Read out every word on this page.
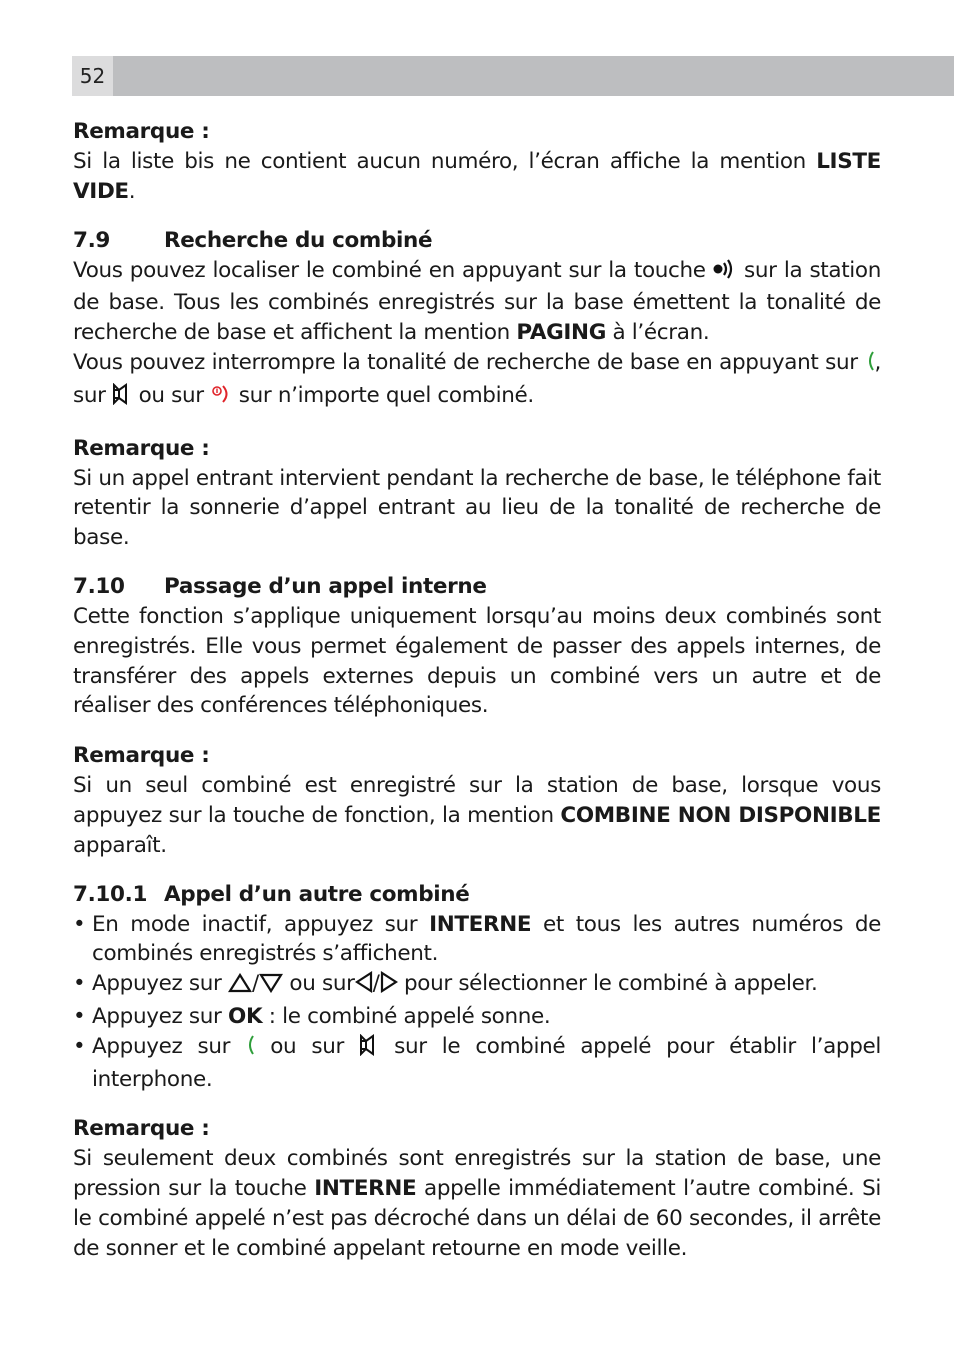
52
Remarque :

Si la liste bis ne contient aucun numéro, l’écran affiche la mention LISTE VIDE.

7.9	Recherche du combiné

Vous pouvez localiser le combiné en appuyant sur la touche  sur la station de base. Tous les combinés enregistrés sur la base émettent la tonalité de recherche de base et affichent la mention PAGING à l’écran.

Vous pouvez interrompre la tonalité de recherche de base en appuyant sur , sur  ou sur  sur n’importe quel combiné.

Remarque :

Si un appel entrant intervient pendant la recherche de base, le téléphone fait retentir la sonnerie d’appel entrant au lieu de la tonalité de recherche de base.

7.10	Passage d’un appel interne

Cette fonction s’applique uniquement lorsqu’au moins deux combinés sont enregistrés. Elle vous permet également de passer des appels internes, de transférer des appels externes depuis un combiné vers un autre et de réaliser des conférences téléphoniques.

Remarque :

Si un seul combiné est enregistré sur la station de base, lorsque vous appuyez sur la touche de fonction, la mention COMBINE NON DISPONIBLE apparaît.

7.10.1 Appel d’un autre combiné
• En mode inactif, appuyez sur INTERNE et tous les autres numéros de combinés enregistrés s’affichent.
• Appuyez sur / ou sur / pour sélectionner le combiné à appeler.
• Appuyez sur OK : le combiné appelé sonne.
• Appuyez sur  ou sur  sur le combiné appelé pour établir l’appel interphone.
Remarque :

Si seulement deux combinés sont enregistrés sur la station de base, une pression sur la touche INTERNE appelle immédiatement l’autre combiné. Si le combiné appelé n’est pas décroché dans un délai de 60 secondes, il arrête de sonner et le combiné appelant retourne en mode veille.
